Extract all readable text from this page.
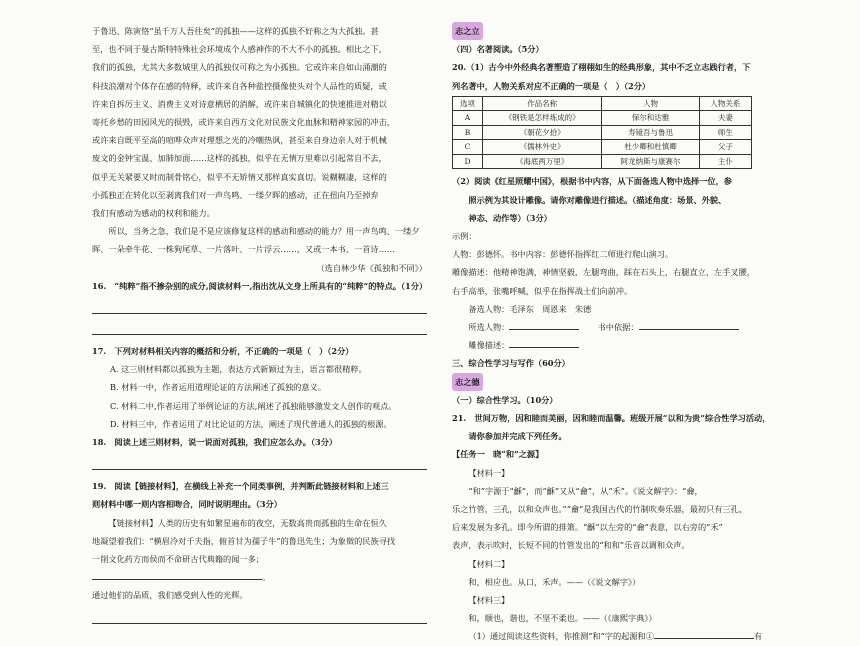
于鲁迅、陈寅恪“虽千万人吾往矣”的孤独——这样的孤独不好称之为大孤独。甚

至，也不同于曼古斯特特殊社会环境成个人感神作的不大不小的孤独。相比之下，

我们的孤独，尤其大多数城里人的孤独仅可称之为小孤独。它或许来自如山涌潮的

科技浪潮对个体存在感的特释，或许来自各种盐控摄像使头对个人品性的质疑，或

许来自拆厉主义、消费主义对诗意栖居的消解，或许来自城镇化的快速推进对精以

寄托乡愁的田园风光的损毁，或许来自西方文化对民族文化血脉和精神家园的冲击，

或许来自既平至高的喧哗众声对理想之光的冷嘲热讽，甚至来自身边亲人对于机械

废文的金钟宝温、加肺加面……这样的孤独，似乎在无情万里难以引起常自不去，

似乎无关紧要又时而制骨铭心，似乎不无矫情又那样真实真切。说糊糊凄，这样的

小孤独正在转化以至剥离我们对一声鸟鸣、一缕夕晖的感动，正在扭向乃至掉弃

我们有感动为感动的权利和能力。

所以，当务之急，我们是不是应该修复这样的感动和感动的能力？用一声鸟鸣、一缕夕晖、一朵牵牛花、一株狗尾草、一片落叶、一片浮云……，又或一本书、一首诗……

（选自林少华《孤独和不同》）

16.　“纯粹”指不掺杂别的成分,阅读材料一,指出沈从文身上所具有的“纯粹”的特点。（1分）

17.　下列对材料相关内容的概括和分析，不正确的一项是（　）（2分）

A. 这三则材料都以孤独为主题，表达方式新颖过为主，语言都很精粹。

B. 材料一中，作者运用道理论证的方法阐述了孤独的意义。

C. 材料二中,作者运用了举例论证的方法,阐述了孤独能够激发文人创作的观点。

D. 材料三中，作者运用了对比论证的方法，阐述了现代普通人的孤独的根源。

18.　阅读上述三则材料，说一说面对孤独，我们应怎么办。（3分）

19.　阅读【链接材料】，在横线上补充一个同类事例，并判断此链接材料和上述三

则材料中哪一则内容相吻合，同时说明理由。（3分）

【链接材料】人类的历史有如繁星遍布的夜空，无数高贵而孤独的生命在恒久

地凝望着我们：“横眉冷对千夫指，俯首甘为孺子牛”的鲁迅先生；为象徵的民族寻找

一削文化药方而侯而不命研古代典籍的闻一多；。

通过他们的品质，我们感受到人性的光辉。

志之立

（四）名著阅读。（5分）

20.（1）古今中外经典名著塑造了栩栩如生的经典形象，其中不乏立志践行者，下

列名著中，人物关系对应不正确的一项是（　）（2分）

选项	作品名称	人物	人物关系
A	《钢铁是怎样炼成的》	保尔和达雅	夫妻
B	《朝花夕拾》	寿镜吾与鲁迅	师生
C	《儒林外史》	杜少卿和杜慎卿	父子
D	《海底两万里》	阿龙纳斯与康赛尔	主仆

（2）阅读《红星照耀中国》，根据书中内容，从下面备选人物中选择一位，参

照示例为其设计雕像。请你对雕像进行描述。（描述角度：场景、外貌、

神态、动作等）（3分）

示例：

人物：彭德怀。书中内容：彭德怀指挥红二师进行爬山演习。

雕像描述：他精神饱满，神情坚毅，左腿弯曲，踩在石头上，右腿直立，左手叉腰，

右手高举，张嘴呼喊，似乎在指挥战士们向前冲。

备选人物：毛泽东　周恩来　朱德

所选人物：	书中依据：

雕像描述：

三、综合性学习与写作（60分）

志之德

（一）综合性学习。（10分）

21.　世间万物，因和睦而美丽，因和睦而温馨。班级开展“以和为贵”综合性学习活动，

请你参加并完成下列任务。

【任务一　晓“和”之源】

【材料一】

“和”字源于“龢”，而“龢”又从“龠”，从“禾”。《说文解字》：“龠，

乐之竹管，三孔，以和众声也。”“龠”是我国古代的竹制吹奏乐器，最初只有三孔，

后来发展为多孔。即今所谓的排箫。“龢”以左旁的“龠”表意，以右旁的“禾”

表声，表示吹时，长短不同的竹管发出的“和和”乐音以调和众声。

【材料二】

和，相应也。从口，禾声。——（《说文解字》）

【材料三】

和，顺也，谐也，不坚不柔也。——（《康熙字典》）

（1）通过阅读这些资料，你推测“和”字的起源和①	有
